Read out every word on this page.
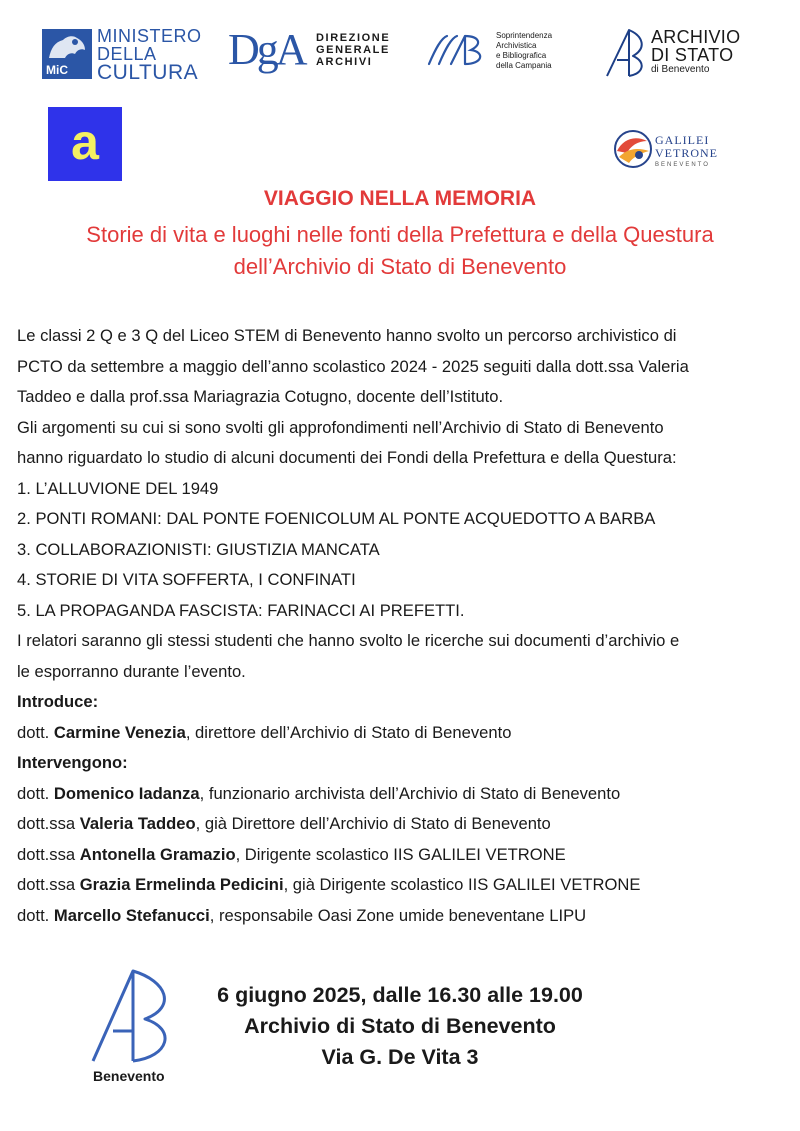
MiC
MINISTERO
DELLA
CULTURA DgA DIREZIONE
GENERALE
ARCHIVI
Soprintendenza
Archivistica
e Bibliografica
della Campania
ARCHIVIO
DI STATO
di Benevento
a	GALILEI
VETRONE
BENEVENTO
VIAGGIO NELLA MEMORIA
Storie di vita e luoghi nelle fonti della Prefettura e della Questura
dell’Archivio di Stato di Benevento
Le classi 2 Q e 3 Q del Liceo STEM di Benevento hanno svolto un percorso archivistico di
PCTO da settembre a maggio dell’anno scolastico 2024 - 2025 seguiti dalla dott.ssa Valeria
Taddeo e dalla prof.ssa Mariagrazia Cotugno, docente dell’Istituto.
Gli argomenti su cui si sono svolti gli approfondimenti nell’Archivio di Stato di Benevento
hanno riguardato lo studio di alcuni documenti dei Fondi della Prefettura e della Questura:
1. L’ALLUVIONE DEL 1949
2. PONTI ROMANI: DAL PONTE FOENICOLUM AL PONTE ACQUEDOTTO A BARBA
3. COLLABORAZIONISTI: GIUSTIZIA MANCATA
4. STORIE DI VITA SOFFERTA, I CONFINATI
5. LA PROPAGANDA FASCISTA: FARINACCI AI PREFETTI.
I relatori saranno gli stessi studenti che hanno svolto le ricerche sui documenti d’archivio e
le esporranno durante l’evento.
Introduce:
dott. Carmine Venezia, direttore dell’Archivio di Stato di Benevento
Intervengono:
dott. Domenico Iadanza, funzionario archivista dell’Archivio di Stato di Benevento
dott.ssa Valeria Taddeo, già Direttore dell’Archivio di Stato di Benevento
dott.ssa Antonella Gramazio, Dirigente scolastico IIS GALILEI VETRONE
dott.ssa Grazia Ermelinda Pedicini, già Dirigente scolastico IIS GALILEI VETRONE
dott. Marcello Stefanucci, responsabile Oasi Zone umide beneventane LIPU
Benevento
6 giugno 2025, dalle 16.30 alle 19.00
Archivio di Stato di Benevento
Via G. De Vita 3
